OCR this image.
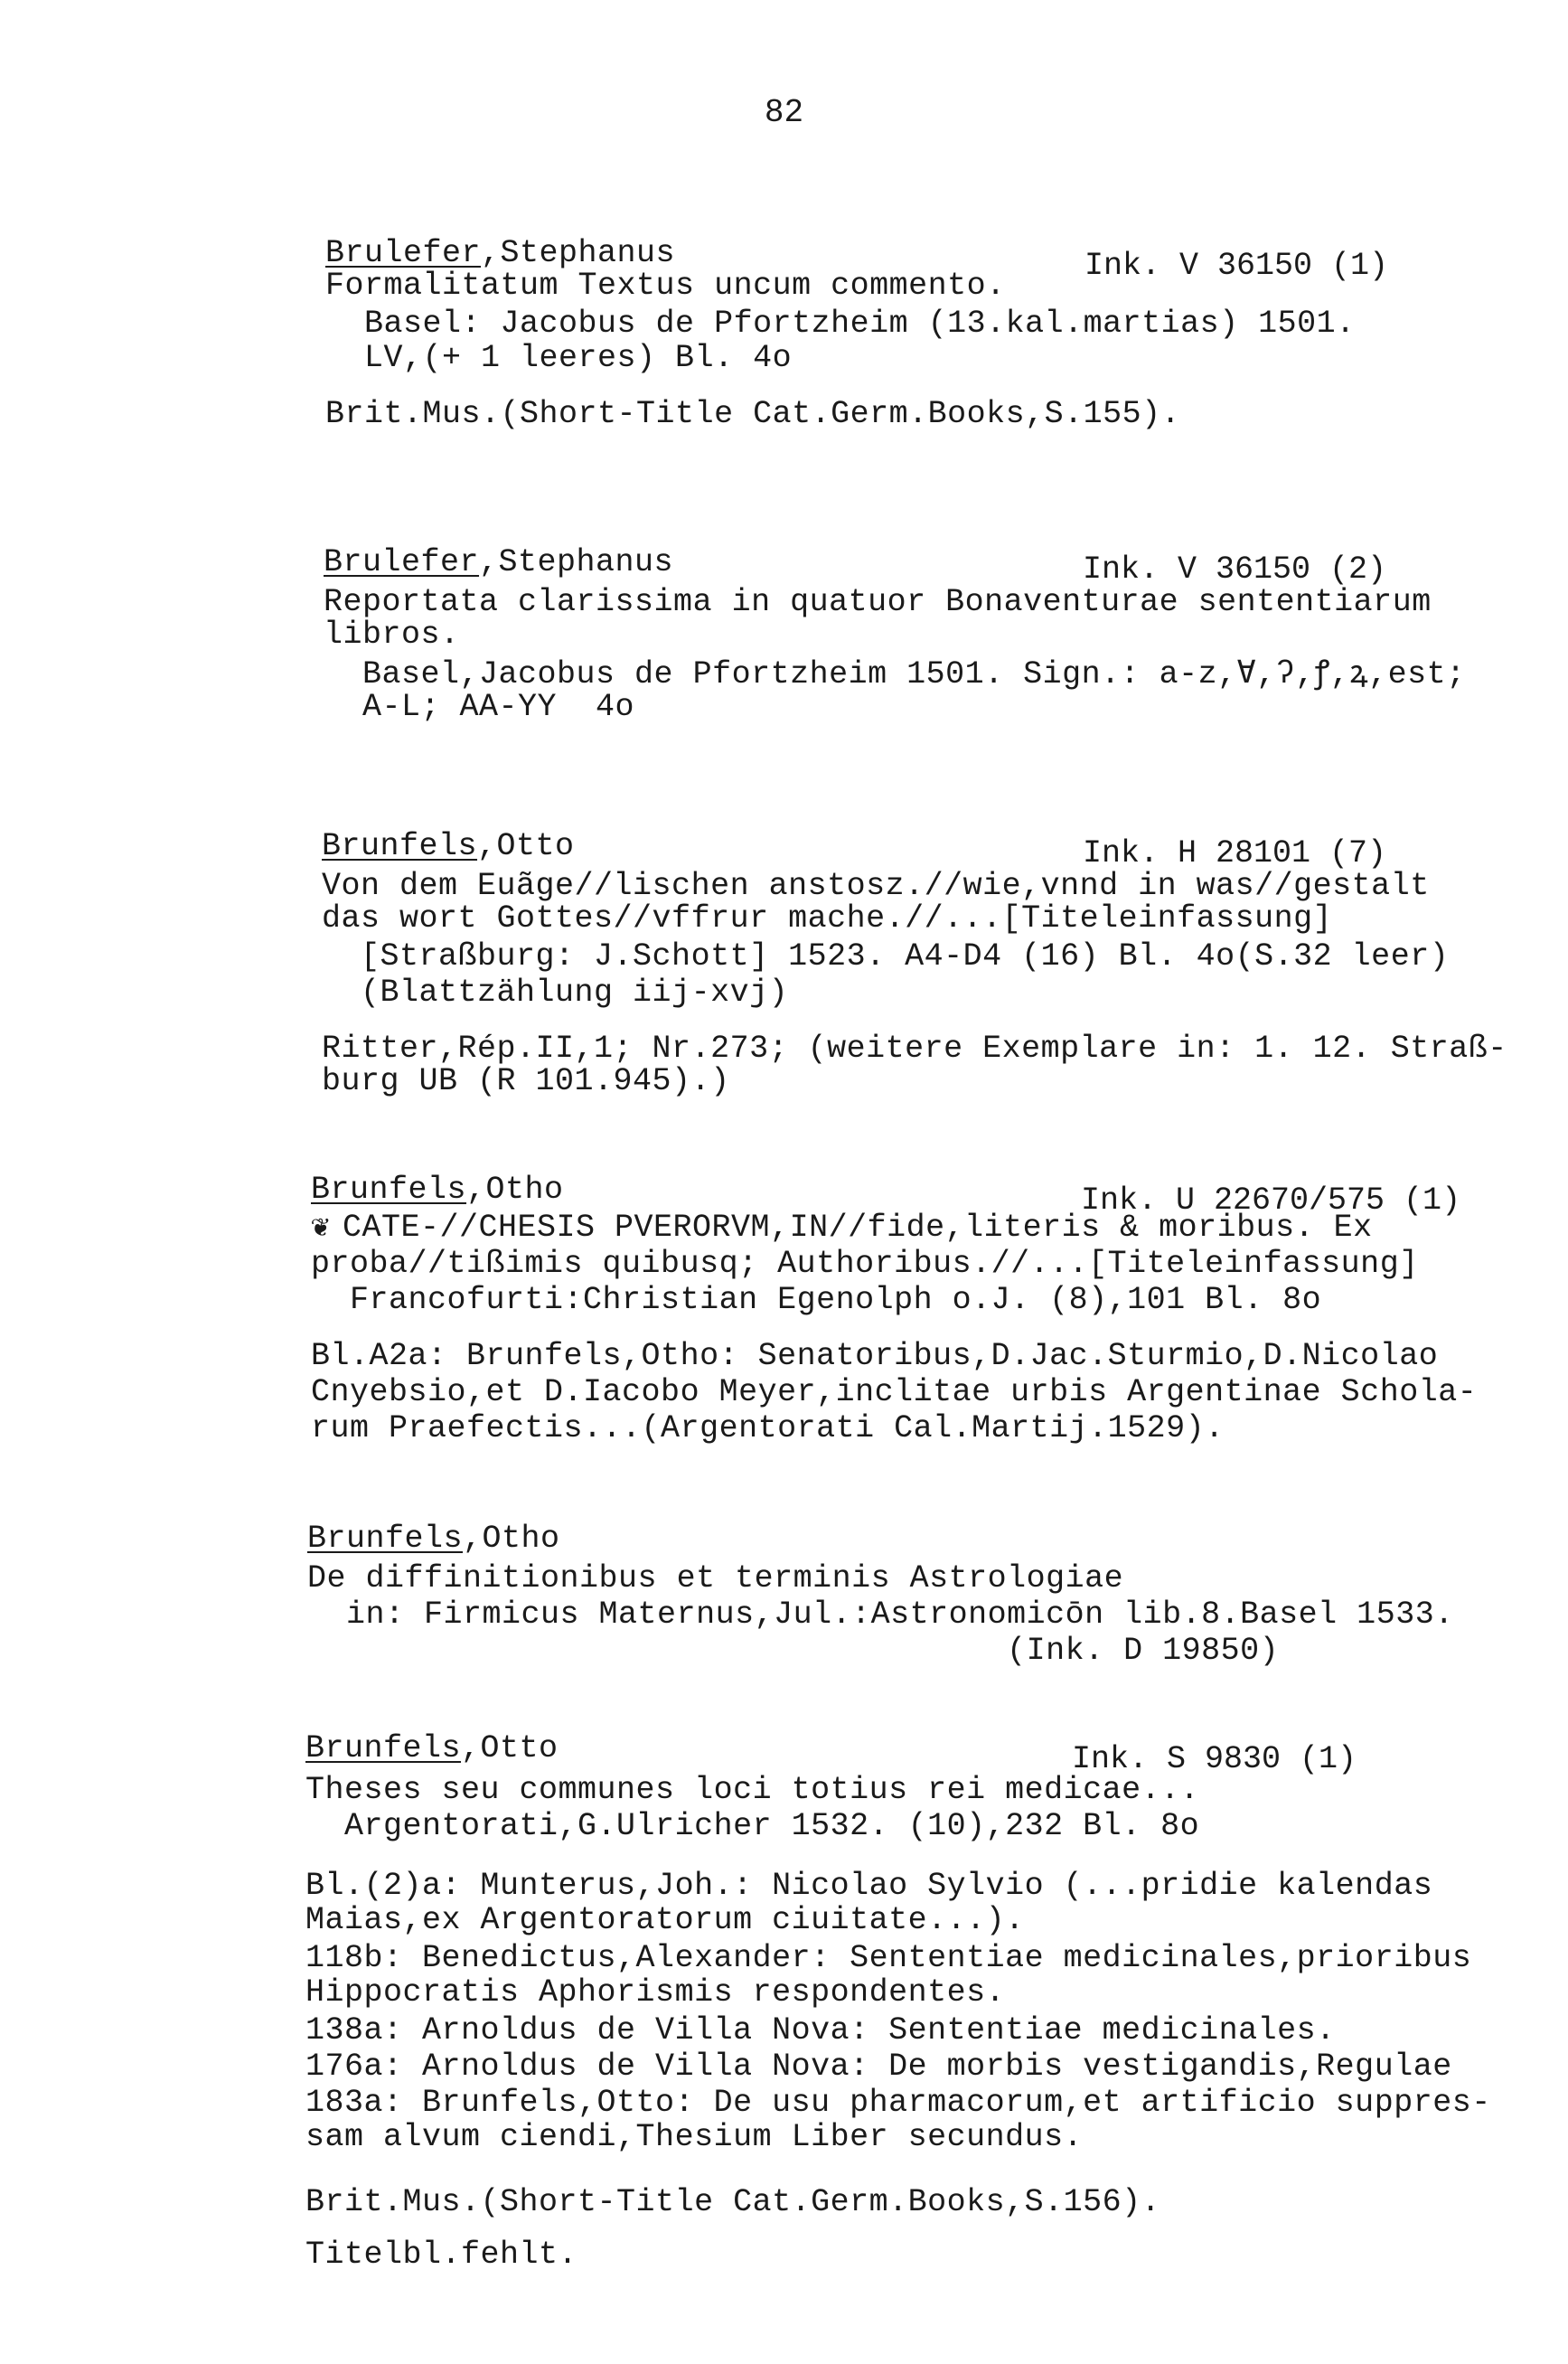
82
Brulefer,Stephanus	Ink. V 36150 (1)
Formalitatum Textus uncum commento.
Basel: Jacobus de Pfortzheim (13.kal.martias) 1501.
LV,(+ 1 leeres) Bl. 4o
Brit.Mus.(Short-Title Cat.Germ.Books,S.155).
Brulefer,Stephanus	Ink. V 36150 (2)
Reportata clarissima in quatuor Bonaventurae sententiarum
libros.
Basel,Jacobus de Pfortzheim 1501. Sign.: a-z,Ɐ,ʔ,ꝭ,ꝝ,est;
A-L; AA-YY  4o
Brunfels,Otto	Ink. H 28101 (7)
Von dem Euãge//lischen anstosz.//wie,vnnd in was//gestalt
das wort Gottes//vffrur mache.//...[Titeleinfassung]
[Straßburg: J.Schott] 1523. A4-D4 (16) Bl. 4o(S.32 leer)
(Blattzählung iij-xvj)
Ritter,Rép.II,1; Nr.273; (weitere Exemplare in: 1. 12. Straß-
burg UB (R 101.945).)
Brunfels,Otho	Ink. U 22670/575 (1)
❦ CATE-//CHESIS PVERORVM,IN//fide,literis & moribus. Ex
proba//tißimis quibusq; Authoribus.//...[Titeleinfassung]
Francofurti:Christian Egenolph o.J. (8),101 Bl. 8o
Bl.A2a: Brunfels,Otho: Senatoribus,D.Jac.Sturmio,D.Nicolao
Cnyebsio,et D.Iacobo Meyer,inclitae urbis Argentinae Schola-
rum Praefectis...(Argentorati Cal.Martij.1529).
Brunfels,Otho
De diffinitionibus et terminis Astrologiae
in: Firmicus Maternus,Jul.:Astronomicōn lib.8.Basel 1533.
(Ink. D 19850)
Brunfels,Otto	Ink. S 9830 (1)
Theses seu communes loci totius rei medicae...
Argentorati,G.Ulricher 1532. (10),232 Bl. 8o
Bl.(2)a: Munterus,Joh.: Nicolao Sylvio (...pridie kalendas
Maias,ex Argentoratorum ciuitate...).
118b: Benedictus,Alexander: Sententiae medicinales,prioribus
Hippocratis Aphorismis respondentes.
138a: Arnoldus de Villa Nova: Sententiae medicinales.
176a: Arnoldus de Villa Nova: De morbis vestigandis,Regulae
183a: Brunfels,Otto: De usu pharmacorum,et artificio suppres-
sam alvum ciendi,Thesium Liber secundus.
Brit.Mus.(Short-Title Cat.Germ.Books,S.156).
Titelbl.fehlt.
